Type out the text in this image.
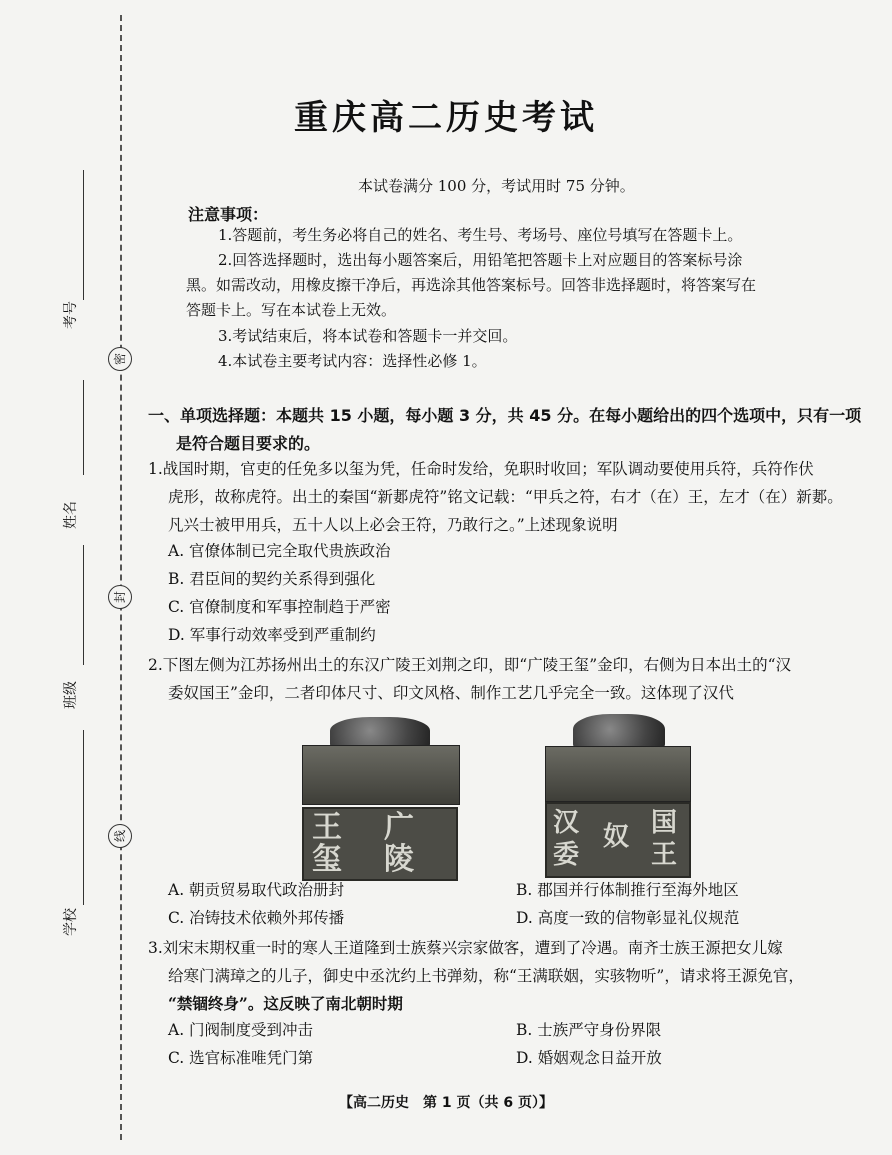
考号
姓名
班级
学校
密
封
线
重庆高二历史考试
本试卷满分 100 分，考试用时 75 分钟。
注意事项：
1.答题前，考生务必将自己的姓名、考生号、考场号、座位号填写在答题卡上。
2.回答选择题时，选出每小题答案后，用铅笔把答题卡上对应题目的答案标号涂
黑。如需改动，用橡皮擦干净后，再选涂其他答案标号。回答非选择题时，将答案写在
答题卡上。写在本试卷上无效。
3.考试结束后，将本试卷和答题卡一并交回。
4.本试卷主要考试内容：选择性必修 1。
一、单项选择题：本题共 15 小题，每小题 3 分，共 45 分。在每小题给出的四个选项中，只有一项
是符合题目要求的。
1.战国时期，官吏的任免多以玺为凭，任命时发给，免职时收回；军队调动要使用兵符，兵符作伏
虎形，故称虎符。出土的秦国“新郪虎符”铭文记载：“甲兵之符，右才（在）王，左才（在）新郪。
凡兴士被甲用兵，五十人以上必会王符，乃敢行之。”上述现象说明
A. 官僚体制已完全取代贵族政治
B. 君臣间的契约关系得到强化
C. 官僚制度和军事控制趋于严密
D. 军事行动效率受到严重制约
2.下图左侧为江苏扬州出土的东汉广陵王刘荆之印，即“广陵王玺”金印，右侧为日本出土的“汉
委奴国王”金印，二者印体尺寸、印文风格、制作工艺几乎完全一致。这体现了汉代
王
玺
广
陵
汉
委
奴 国
王
A. 朝贡贸易取代政治册封	B. 郡国并行体制推行至海外地区
C. 冶铸技术依赖外邦传播	D. 高度一致的信物彰显礼仪规范
3.刘宋末期权重一时的寒人王道隆到士族蔡兴宗家做客，遭到了冷遇。南齐士族王源把女儿嫁
给寒门满璋之的儿子，御史中丞沈约上书弹劾，称“王满联姻，实骇物听”，请求将王源免官，
“禁锢终身”。这反映了南北朝时期
A. 门阀制度受到冲击	B. 士族严守身份界限
C. 选官标准唯凭门第	D. 婚姻观念日益开放
【高二历史　第 1 页（共 6 页）】
